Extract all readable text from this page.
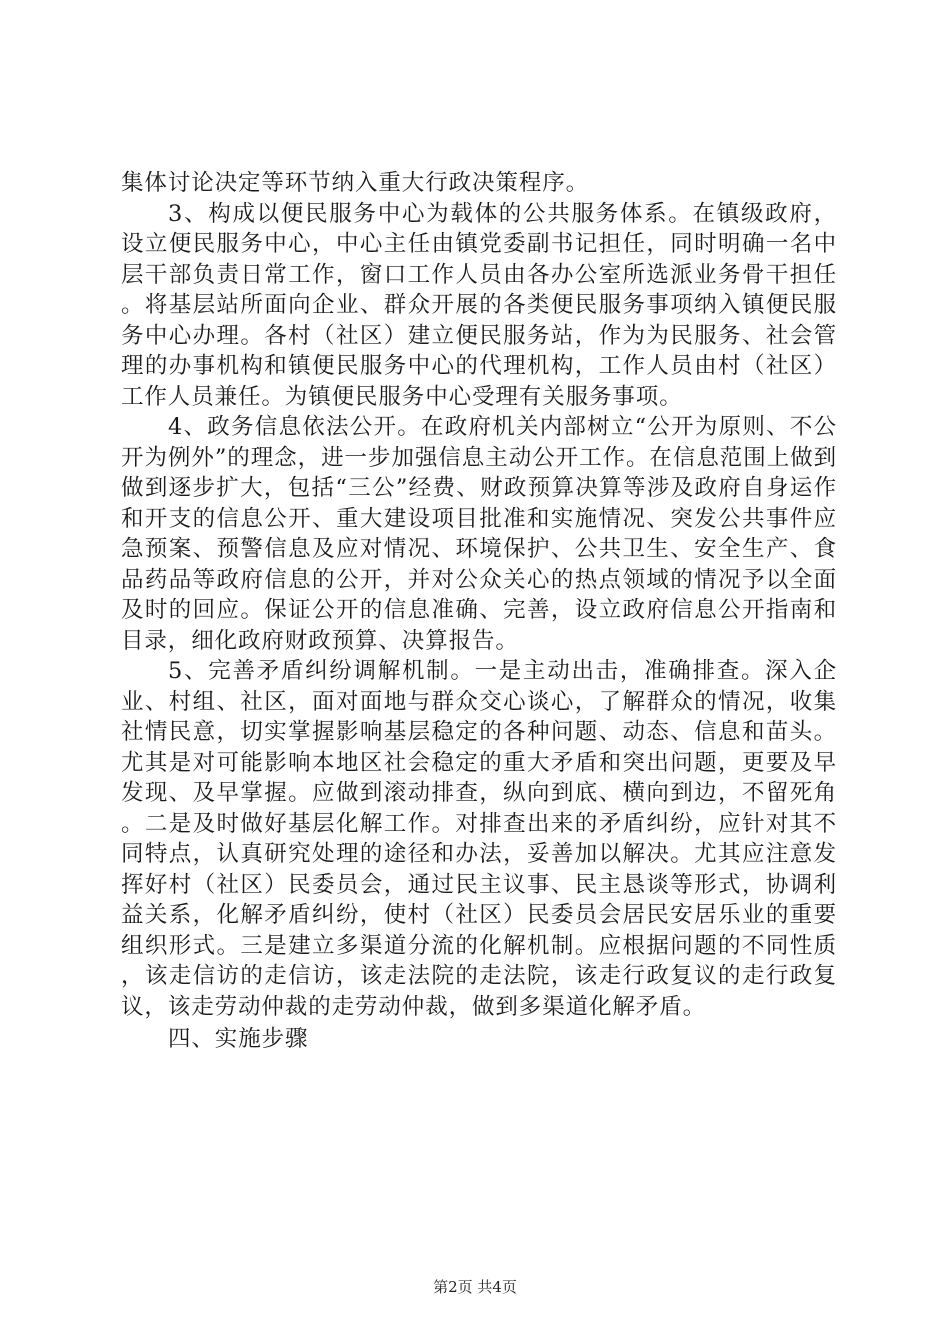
集体讨论决定等环节纳入重大行政决策程序。

3、构成以便民服务中心为载体的公共服务体系。在镇级政府，设立便民服务中心，中心主任由镇党委副书记担任，同时明确一名中层干部负责日常工作，窗口工作人员由各办公室所选派业务骨干担任。将基层站所面向企业、群众开展的各类便民服务事项纳入镇便民服务中心办理。各村（社区）建立便民服务站，作为为民服务、社会管理的办事机构和镇便民服务中心的代理机构，工作人员由村（社区）工作人员兼任。为镇便民服务中心受理有关服务事项。

4、政务信息依法公开。在政府机关内部树立“公开为原则、不公开为例外”的理念，进一步加强信息主动公开工作。在信息范围上做到做到逐步扩大，包括“三公”经费、财政预算决算等涉及政府自身运作和开支的信息公开、重大建设项目批准和实施情况、突发公共事件应急预案、预警信息及应对情况、环境保护、公共卫生、安全生产、食品药品等政府信息的公开，并对公众关心的热点领域的情况予以全面及时的回应。保证公开的信息准确、完善，设立政府信息公开指南和目录，细化政府财政预算、决算报告。

5、完善矛盾纠纷调解机制。一是主动出击，准确排查。深入企业、村组、社区，面对面地与群众交心谈心，了解群众的情况，收集社情民意，切实掌握影响基层稳定的各种问题、动态、信息和苗头。尤其是对可能影响本地区社会稳定的重大矛盾和突出问题，更要及早发现、及早掌握。应做到滚动排查，纵向到底、横向到边，不留死角。二是及时做好基层化解工作。对排查出来的矛盾纠纷，应针对其不同特点，认真研究处理的途径和办法，妥善加以解决。尤其应注意发挥好村（社区）民委员会，通过民主议事、民主恳谈等形式，协调利益关系，化解矛盾纠纷，使村（社区）民委员会居民安居乐业的重要组织形式。三是建立多渠道分流的化解机制。应根据问题的不同性质，该走信访的走信访，该走法院的走法院，该走行政复议的走行政复议，该走劳动仲裁的走劳动仲裁，做到多渠道化解矛盾。

四、实施步骤

第2页 共4页
